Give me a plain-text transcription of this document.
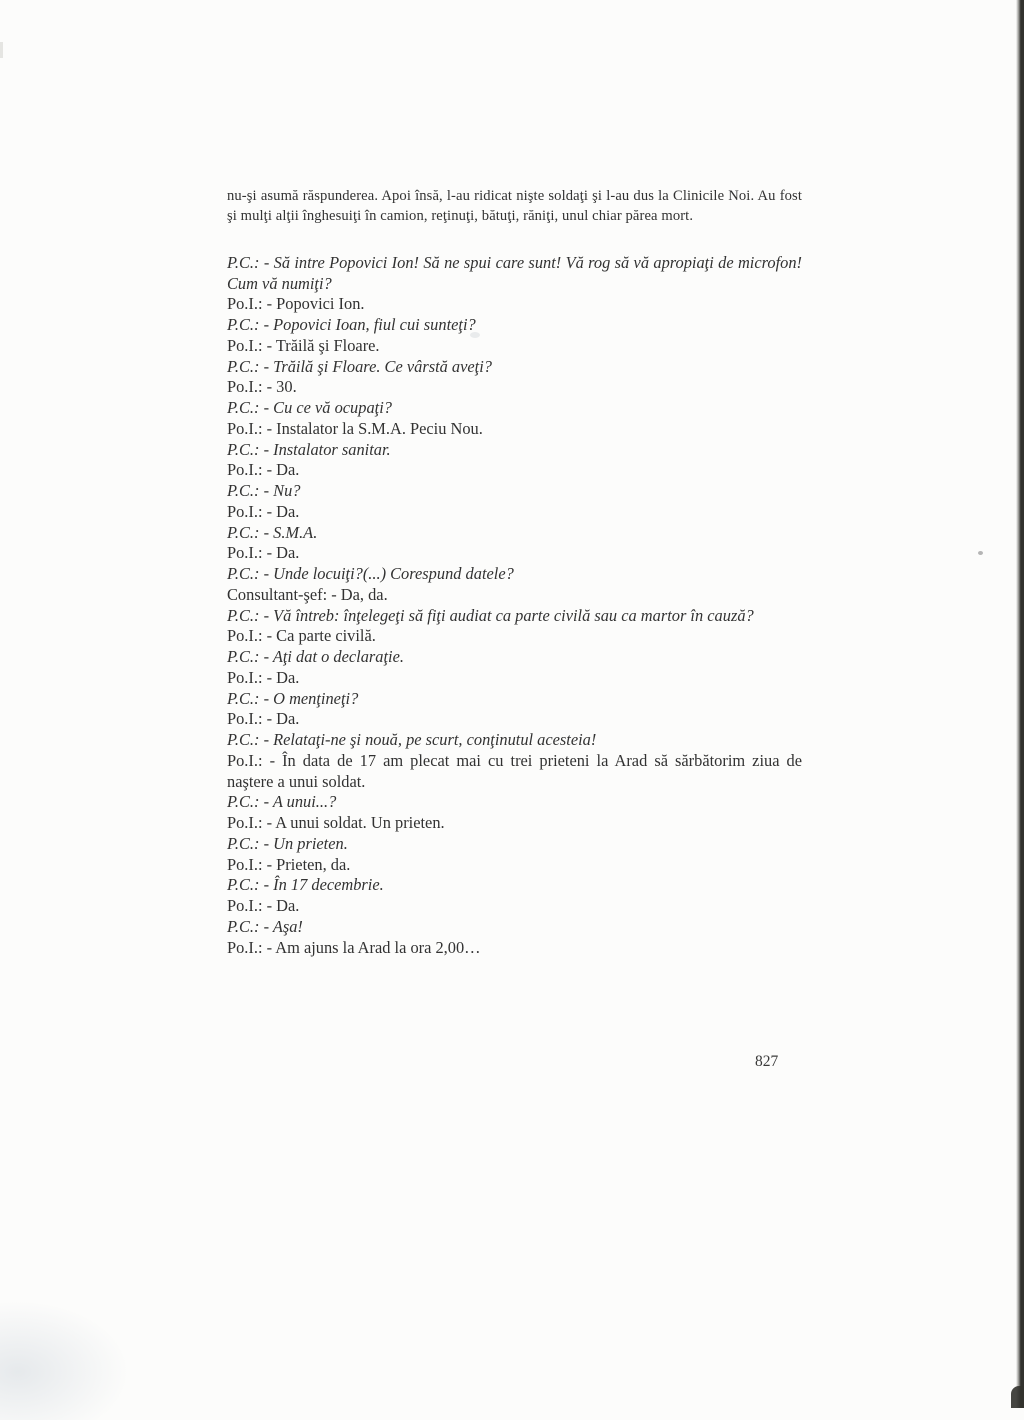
nu-şi asumă răspunderea. Apoi însă, l-au ridicat nişte soldaţi şi l-au dus la Clinicile Noi. Au fost şi mulţi alţii înghesuiţi în camion, reţinuţi, bătuţi, răniţi, unul chiar părea mort.

P.C.: - Să intre Popovici Ion! Să ne spui care sunt! Vă rog să vă apropiaţi de microfon! Cum vă numiţi?

Po.I.: - Popovici Ion.

P.C.: - Popovici Ioan, fiul cui sunteţi?

Po.I.: - Trăilă şi Floare.

P.C.: - Trăilă şi Floare. Ce vârstă aveţi?

Po.I.: - 30.

P.C.: - Cu ce vă ocupaţi?

Po.I.: - Instalator la S.M.A. Peciu Nou.

P.C.: - Instalator sanitar.

Po.I.: - Da.

P.C.: - Nu?

Po.I.: - Da.

P.C.: - S.M.A.

Po.I.: - Da.

P.C.: - Unde locuiţi?(...) Corespund datele?

Consultant-şef: - Da, da.

P.C.: - Vă întreb: înţelegeţi să fiţi audiat ca parte civilă sau ca martor în cauză?

Po.I.: - Ca parte civilă.

P.C.: - Aţi dat o declaraţie.

Po.I.: - Da.

P.C.: - O menţineţi?

Po.I.: - Da.

P.C.: - Relataţi-ne şi nouă, pe scurt, conţinutul acesteia!

Po.I.: - În data de 17 am plecat mai cu trei prieteni la Arad să sărbătorim ziua de naştere a unui soldat.

P.C.: - A unui...?

Po.I.: - A unui soldat. Un prieten.

P.C.: - Un prieten.

Po.I.: - Prieten, da.

P.C.: - În 17 decembrie.

Po.I.: - Da.

P.C.: - Aşa!

Po.I.: - Am ajuns la Arad la ora 2,00…

827
